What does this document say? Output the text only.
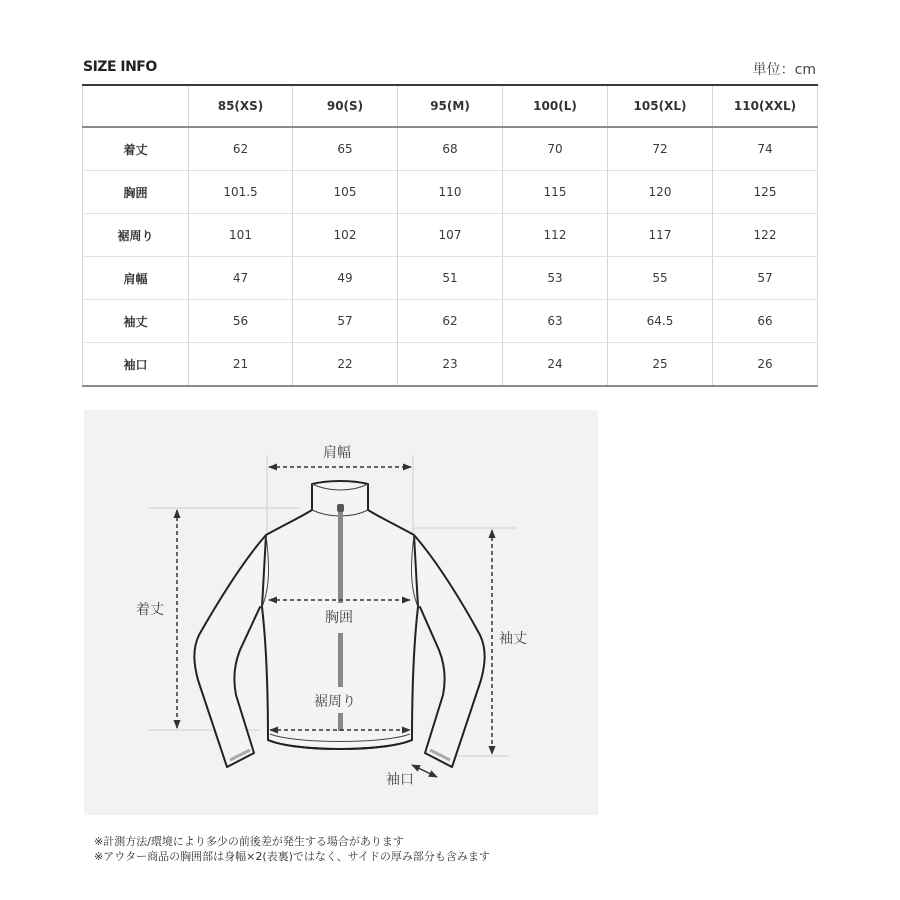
SIZE INFO	単位：cm
	85(XS)	90(S)	95(M)	100(L)	105(XL)	110(XXL)
着丈	62	65	68	70	72	74
胸囲	101.5	105	110	115	120	125
裾周り	101	102	107	112	117	122
肩幅	47	49	51	53	55	57
袖丈	56	57	62	63	64.5	66
袖口	21	22	23	24	25	26
肩幅
着丈	胸囲
裾周り
袖丈
袖口
※計測方法/環境により多少の前後差が発生する場合があります
※アウター商品の胸囲部は身幅×2(表裏)ではなく、サイドの厚み部分も含みます
